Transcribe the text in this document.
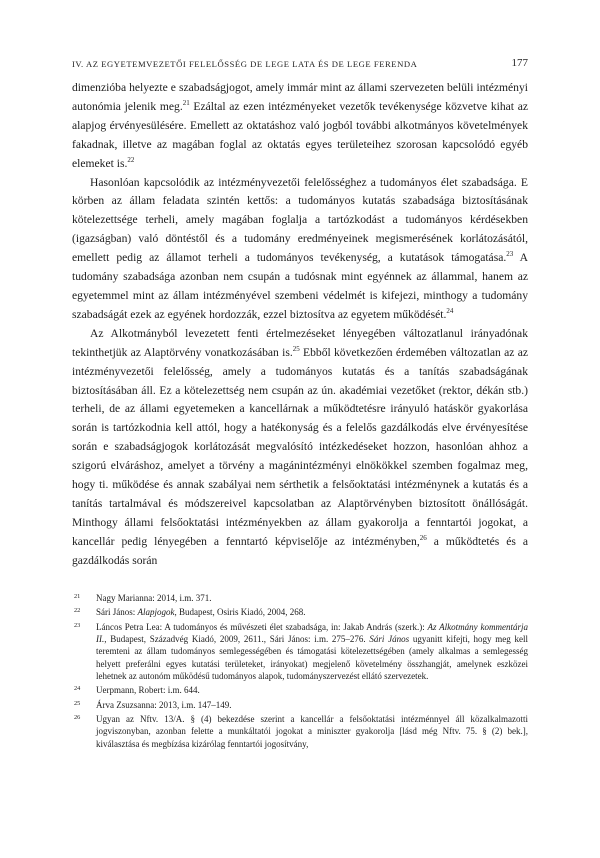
IV. AZ EGYETEMVEZETŐI FELELŐSSÉG DE LEGE LATA ÉS DE LEGE FERENDA	177

dimenzióba helyezte e szabadságjogot, amely immár mint az állami szervezeten belüli intézményi autonómia jelenik meg.$^{21}$ Ezáltal az ezen intézményeket vezetők tevékenysége közvetve kihat az alapjog érvényesülésére. Emellett az oktatáshoz való jogból további alkotmányos követelmények fakadnak, illetve az magában foglal az oktatás egyes területeihez szorosan kapcsolódó egyéb elemeket is.$^{22}$

Hasonlóan kapcsolódik az intézményvezetői felelősséghez a tudományos élet szabadsága. E körben az állam feladata szintén kettős: a tudományos kutatás szabadsága biztosításának kötelezettsége terheli, amely magában foglalja a tartózkodást a tudományos kérdésekben (igazságban) való döntéstől és a tudomány eredményeinek megismerésének korlátozásától, emellett pedig az államot terheli a tudományos tevékenység, a kutatások támogatása.$^{23}$ A tudomány szabadsága azonban nem csupán a tudósnak mint egyénnek az állammal, hanem az egyetemmel mint az állam intézményével szembeni védelmét is kifejezi, minthogy a tudomány szabadságát ezek az egyének hordozzák, ezzel biztosítva az egyetem működését.$^{24}$

Az Alkotmányból levezetett fenti értelmezéseket lényegében változatlanul irányadónak tekinthetjük az Alaptörvény vonatkozásában is.$^{25}$ Ebből következően érdemében változatlan az az intézményvezetői felelősség, amely a tudományos kutatás és a tanítás szabadságának biztosításában áll. Ez a kötelezettség nem csupán az ún. akadémiai vezetőket (rektor, dékán stb.) terheli, de az állami egyetemeken a kancellárnak a működtetésre irányuló hatáskör gyakorlása során is tartózkodnia kell attól, hogy a hatékonyság és a felelős gazdálkodás elve érvényesítése során e szabadságjogok korlátozását megvalósító intézkedéseket hozzon, hasonlóan ahhoz a szigorú elváráshoz, amelyet a törvény a magánintézményi elnökökkel szemben fogalmaz meg, hogy ti. működése és annak szabályai nem sérthetik a felsőoktatási intézménynek a kutatás és a tanítás tartalmával és módszereivel kapcsolatban az Alaptörvényben biztosított önállóságát. Minthogy állami felsőoktatási intézményekben az állam gyakorolja a fenntartói jogokat, a kancellár pedig lényegében a fenntartó képviselője az intézményben,$^{26}$ a működtetés és a gazdálkodás során

21 Nagy Marianna: 2014, i.m. 371.
22 Sári János: Alapjogok, Budapest, Osiris Kiadó, 2004, 268.
23 Láncos Petra Lea: A tudományos és művészeti élet szabadsága, in: Jakab András (szerk.): Az Alkotmány kommentárja II., Budapest, Századvég Kiadó, 2009, 2611., Sári János: i.m. 275–276. Sári János ugyanitt kifejti, hogy meg kell teremteni az állam tudományos semlegességében és támogatási kötelezettségében (amely alkalmas a semlegesség helyett preferálni egyes kutatási területeket, irányokat) megjelenő követelmény összhangját, amelynek eszközei lehetnek az autonóm működésű tudományos alapok, tudományszervezést ellátó szervezetek.
24 Uerpmann, Robert: i.m. 644.
25 Árva Zsuzsanna: 2013, i.m. 147–149.
26 Ugyan az Nftv. 13/A. § (4) bekezdése szerint a kancellár a felsőoktatási intézménnyel áll közalkalmazotti jogviszonyban, azonban felette a munkáltatói jogokat a miniszter gyakorolja [lásd még Nftv. 75. § (2) bek.], kiválasztása és megbízása kizárólag fenntartói jogosítvány,
